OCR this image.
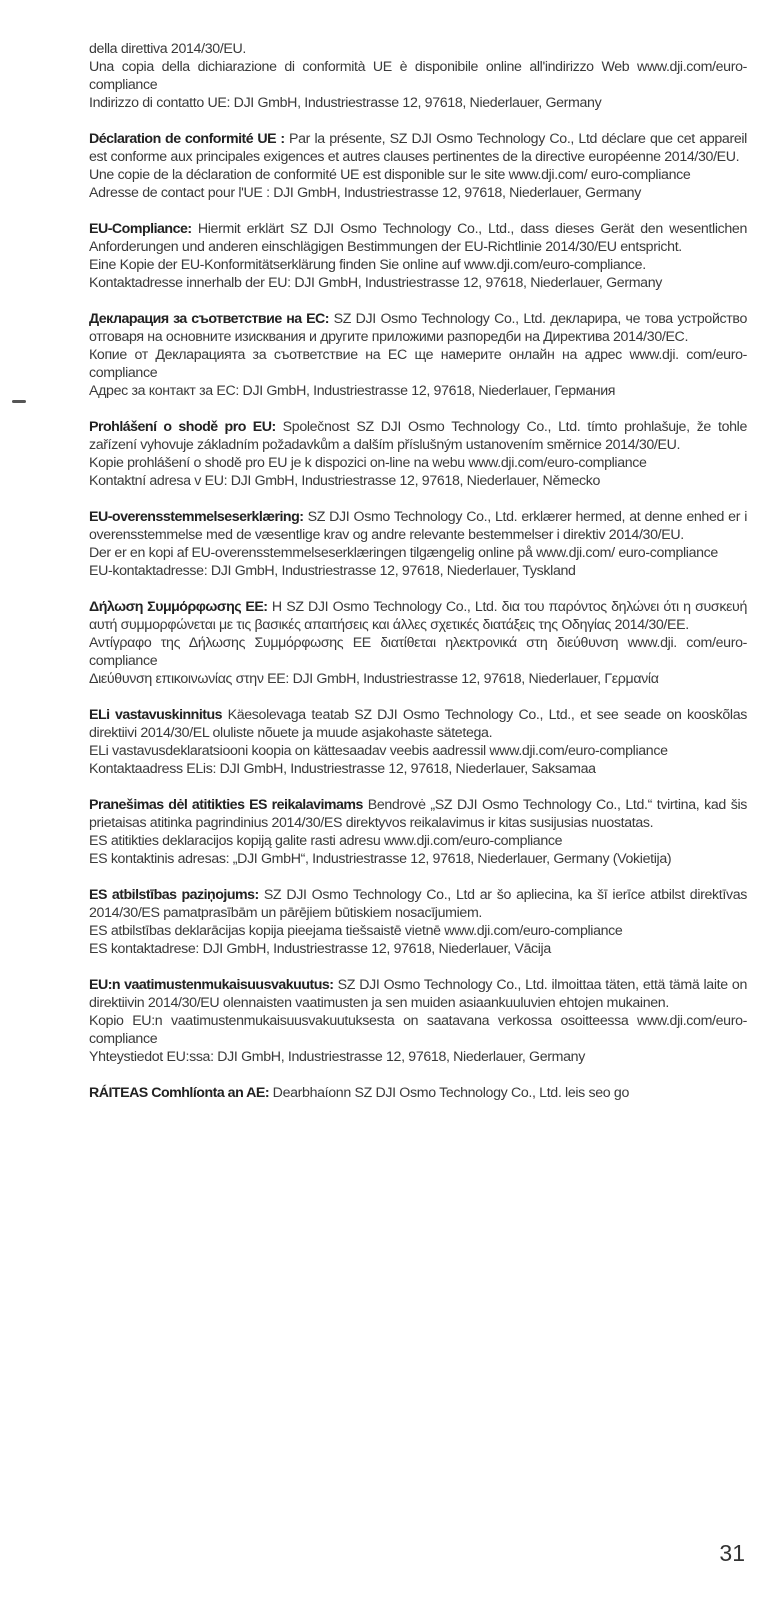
della direttiva 2014/30/EU.

Una copia della dichiarazione di conformità UE è disponibile online all'indirizzo Web www.dji.com/euro-compliance

Indirizzo di contatto UE: DJI GmbH, Industriestrasse 12, 97618, Niederlauer, Germany

Déclaration de conformité UE : Par la présente, SZ DJI Osmo Technology Co., Ltd déclare que cet appareil est conforme aux principales exigences et autres clauses pertinentes de la directive européenne 2014/30/EU.

Une copie de la déclaration de conformité UE est disponible sur le site www.dji.com/ euro-compliance

Adresse de contact pour l'UE : DJI GmbH, Industriestrasse 12, 97618, Niederlauer, Germany

EU-Compliance: Hiermit erklärt SZ DJI Osmo Technology Co., Ltd., dass dieses Gerät den wesentlichen Anforderungen und anderen einschlägigen Bestimmungen der EU-Richtlinie 2014/30/EU entspricht.

Eine Kopie der EU-Konformitätserklärung finden Sie online auf www.dji.com/euro-compliance.

Kontaktadresse innerhalb der EU: DJI GmbH, Industriestrasse 12, 97618, Niederlauer, Germany

Декларация за съответствие на ЕС: SZ DJI Osmo Technology Co., Ltd. декларира, че това устройство отговаря на основните изисквания и другите приложими разпоредби на Директива 2014/30/ЕС.

Копие от Декларацията за съответствие на ЕС ще намерите онлайн на адрес www.dji. com/euro-compliance

Адрес за контакт за ЕС: DJI GmbH, Industriestrasse 12, 97618, Niederlauer, Германия

Prohlášení o shodě pro EU: Společnost SZ DJI Osmo Technology Co., Ltd. tímto prohlašuje, že tohle zařízení vyhovuje základním požadavkům a dalším příslušným ustanovením směrnice 2014/30/EU.

Kopie prohlášení o shodě pro EU je k dispozici on-line na webu www.dji.com/euro-compliance

Kontaktní adresa v EU: DJI GmbH, Industriestrasse 12, 97618, Niederlauer, Německo

EU-overensstemmelseserklæring: SZ DJI Osmo Technology Co., Ltd. erklærer hermed, at denne enhed er i overensstemmelse med de væsentlige krav og andre relevante bestemmelser i direktiv 2014/30/EU.

Der er en kopi af EU-overensstemmelseserklæringen tilgængelig online på www.dji.com/ euro-compliance

EU-kontaktadresse: DJI GmbH, Industriestrasse 12, 97618, Niederlauer, Tyskland

Δήλωση Συμμόρφωσης ΕΕ: H SZ DJI Osmo Technology Co., Ltd. δια του παρόντος δηλώνει ότι η συσκευή αυτή συμμορφώνεται με τις βασικές απαιτήσεις και άλλες σχετικές διατάξεις της Οδηγίας 2014/30/ΕΕ.

Αντίγραφο της Δήλωσης Συμμόρφωσης ΕΕ διατίθεται ηλεκτρονικά στη διεύθυνση www.dji. com/euro-compliance

Διεύθυνση επικοινωνίας στην ΕΕ: DJI GmbH, Industriestrasse 12, 97618, Niederlauer, Γερμανία

ELi vastavuskinnitus Käesolevaga teatab SZ DJI Osmo Technology Co., Ltd., et see seade on kooskõlas direktiivi 2014/30/EL oluliste nõuete ja muude asjakohaste sätetega.

ELi vastavusdeklaratsiooni koopia on kättesaadav veebis aadressil www.dji.com/euro-compliance

Kontaktaadress ELis: DJI GmbH, Industriestrasse 12, 97618, Niederlauer, Saksamaa

Pranešimas dėl atitikties ES reikalavimams Bendrovė „SZ DJI Osmo Technology Co., Ltd.“ tvirtina, kad šis prietaisas atitinka pagrindinius 2014/30/ES direktyvos reikalavimus ir kitas susijusias nuostatas.

ES atitikties deklaracijos kopiją galite rasti adresu www.dji.com/euro-compliance

ES kontaktinis adresas: „DJI GmbH“, Industriestrasse 12, 97618, Niederlauer, Germany (Vokietija)

ES atbilstības paziņojums: SZ DJI Osmo Technology Co., Ltd ar šo apliecina, ka šī ierīce atbilst direktīvas 2014/30/ES pamatprasībām un pārējiem būtiskiem nosacījumiem.

ES atbilstības deklarācijas kopija pieejama tiešsaistē vietnē www.dji.com/euro-compliance

ES kontaktadrese: DJI GmbH, Industriestrasse 12, 97618, Niederlauer, Vācija

EU:n vaatimustenmukaisuusvakuutus: SZ DJI Osmo Technology Co., Ltd. ilmoittaa täten, että tämä laite on direktiivin 2014/30/EU olennaisten vaatimusten ja sen muiden asiaankuuluvien ehtojen mukainen.

Kopio EU:n vaatimustenmukaisuusvakuutuksesta on saatavana verkossa osoitteessa www.dji.com/euro-compliance

Yhteystiedot EU:ssa: DJI GmbH, Industriestrasse 12, 97618, Niederlauer, Germany

RÁITEAS Comhlíonta an AE: Dearbhaíonn SZ DJI Osmo Technology Co., Ltd. leis seo go

31
